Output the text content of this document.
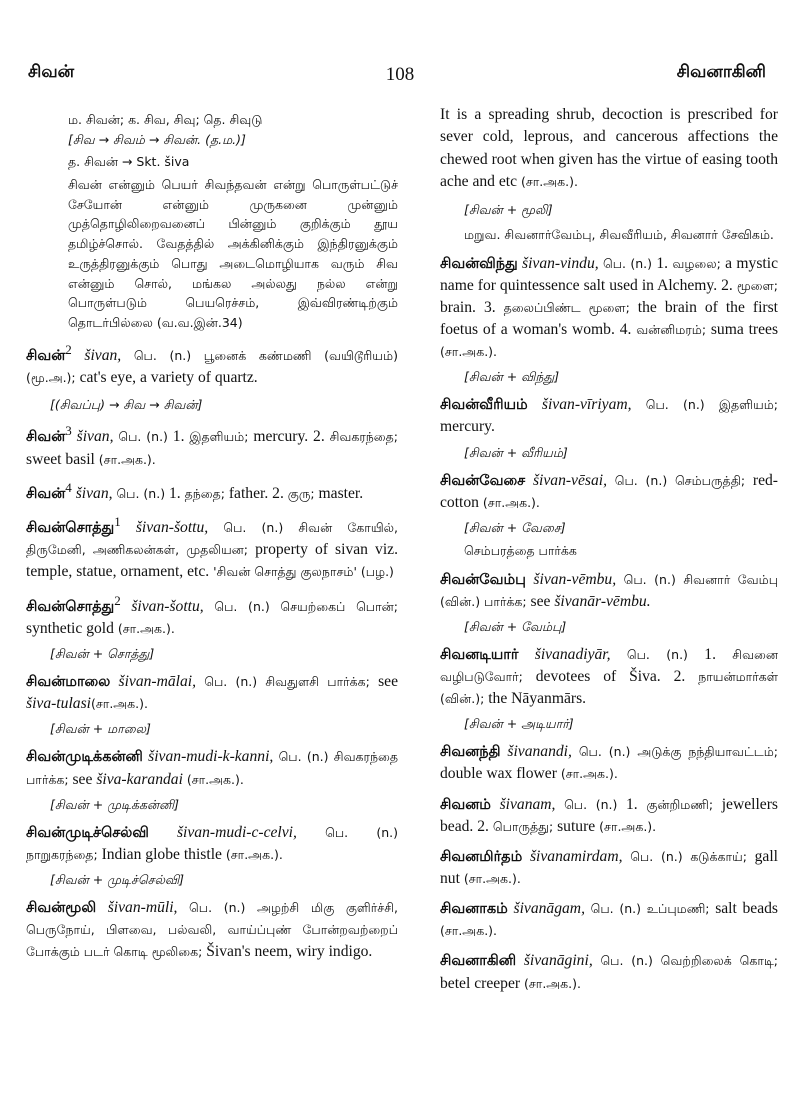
108
சிவன்	சிவனாகினி

ம. சிவன்; க. சிவ, சிவு; தெ. சிவுடு

[சிவ → சிவம் → சிவன். (த.ம.)]

த. சிவன் → Skt. šiva

சிவன் என்னும் பெயர் சிவந்தவன் என்று பொருள்பட்டுச் சேயோன் என்னும் முருகனை முன்னும் முத்தொழிலிறைவனைப் பின்னும் குறிக்கும் தூய தமிழ்ச்சொல். வேதத்தில் அக்கினிக்கும் இந்திரனுக்கும் உருத்திரனுக்கும் பொது அடைமொழியாக வரும் சிவ என்னும் சொல், மங்கல அல்லது நல்ல என்று பொருள்படும் பெயரெச்சம், இவ்விரண்டிற்கும் தொடர்பில்லை (வ.வ.இன்.34)

சிவன்$^2$ šivan, பெ. (n.) பூனைக் கண்மணி (வயிடூரியம்) (மூ.அ.); cat's eye, a variety of quartz.

[(சிவப்பு) → சிவ → சிவன்]

சிவன்$^3$ šivan, பெ. (n.) 1. இதளியம்; mercury. 2. சிவகரந்தை; sweet basil (சா.அக.).
சிவன்$^4$ šivan, பெ. (n.) 1. தந்தை; father. 2. குரு; master.
சிவன்சொத்து$^1$ šivan-šottu, பெ. (n.) சிவன் கோயில், திருமேனி, அணிகலன்கள், முதலியன; property of sivan viz. temple, statue, ornament, etc. 'சிவன் சொத்து குலநாசம்' (பழ.)
சிவன்சொத்து$^2$ šivan-šottu, பெ. (n.) செயற்கைப் பொன்; synthetic gold (சா.அக.).

[சிவன் + சொத்து]

சிவன்மாலை šivan-mālai, பெ. (n.) சிவதுளசி பார்க்க; see šiva-tulasi(சா.அக.).

[சிவன் + மாலை]

சிவன்முடிக்கன்னி šivan-mudi-k-kanni, பெ. (n.) சிவகரந்தை பார்க்க; see šiva-karandai (சா.அக.).

[சிவன் + முடிக்கன்னி]

சிவன்முடிச்செல்வி šivan-mudi-c-celvi, பெ. (n.) நாறுகரந்தை; Indian globe thistle (சா.அக.).

[சிவன் + முடிச்செல்வி]

சிவன்மூலி šivan-mūli, பெ. (n.) அழற்சி மிகு குளிர்ச்சி, பெருநோய், பிளவை, பல்வலி, வாய்ப்புண் போன்றவற்றைப் போக்கும் படர் கொடி மூலிகை; Šivan's neem, wiry indigo.

It is a spreading shrub, decoction is prescribed for sever cold, leprous, and cancerous affections the chewed root when given has the virtue of easing tooth ache and etc (சா.அக.).

[சிவன் + மூலி]

மறுவ. சிவனார்வேம்பு, சிவவீரியம், சிவனார் சேவிகம்.

சிவன்விந்து šivan-vindu, பெ. (n.) 1. வழலை; a mystic name for quintessence salt used in Alchemy. 2. மூளை; brain. 3. தலைப்பிண்ட மூளை; the brain of the first foetus of a woman's womb. 4. வன்னிமரம்; suma trees (சா.அக.).

[சிவன் + விந்து]

சிவன்வீரியம் šivan-vīriyam, பெ. (n.) இதளியம்; mercury.

[சிவன் + வீரியம்]

சிவன்வேசை šivan-vēsai, பெ. (n.) செம்பருத்தி; red-cotton (சா.அக.).

[சிவன் + வேசை]

செம்பரத்தை பார்க்க

சிவன்வேம்பு šivan-vēmbu, பெ. (n.) சிவனார் வேம்பு (வின்.) பார்க்க; see šivanār-vēmbu.

[சிவன் + வேம்பு]

சிவனடியார் šivanadiyār, பெ. (n.) 1. சிவனை வழிபடுவோர்; devotees of Šiva. 2. நாயன்மார்கள் (வின்.); the Nāyanmārs.

[சிவன் + அடியார்]

சிவனந்தி šivanandi, பெ. (n.) அடுக்கு நந்தியாவட்டம்; double wax flower (சா.அக.).
சிவனம் šivanam, பெ. (n.) 1. குன்றிமணி; jewellers bead. 2. பொருத்து; suture (சா.அக.).
சிவனமிர்தம் šivanamirdam, பெ. (n.) கடுக்காய்; gall nut (சா.அக.).
சிவனாகம் šivanāgam, பெ. (n.) உப்புமணி; salt beads (சா.அக.).
சிவனாகினி šivanāgini, பெ. (n.) வெற்றிலைக் கொடி; betel creeper (சா.அக.).
